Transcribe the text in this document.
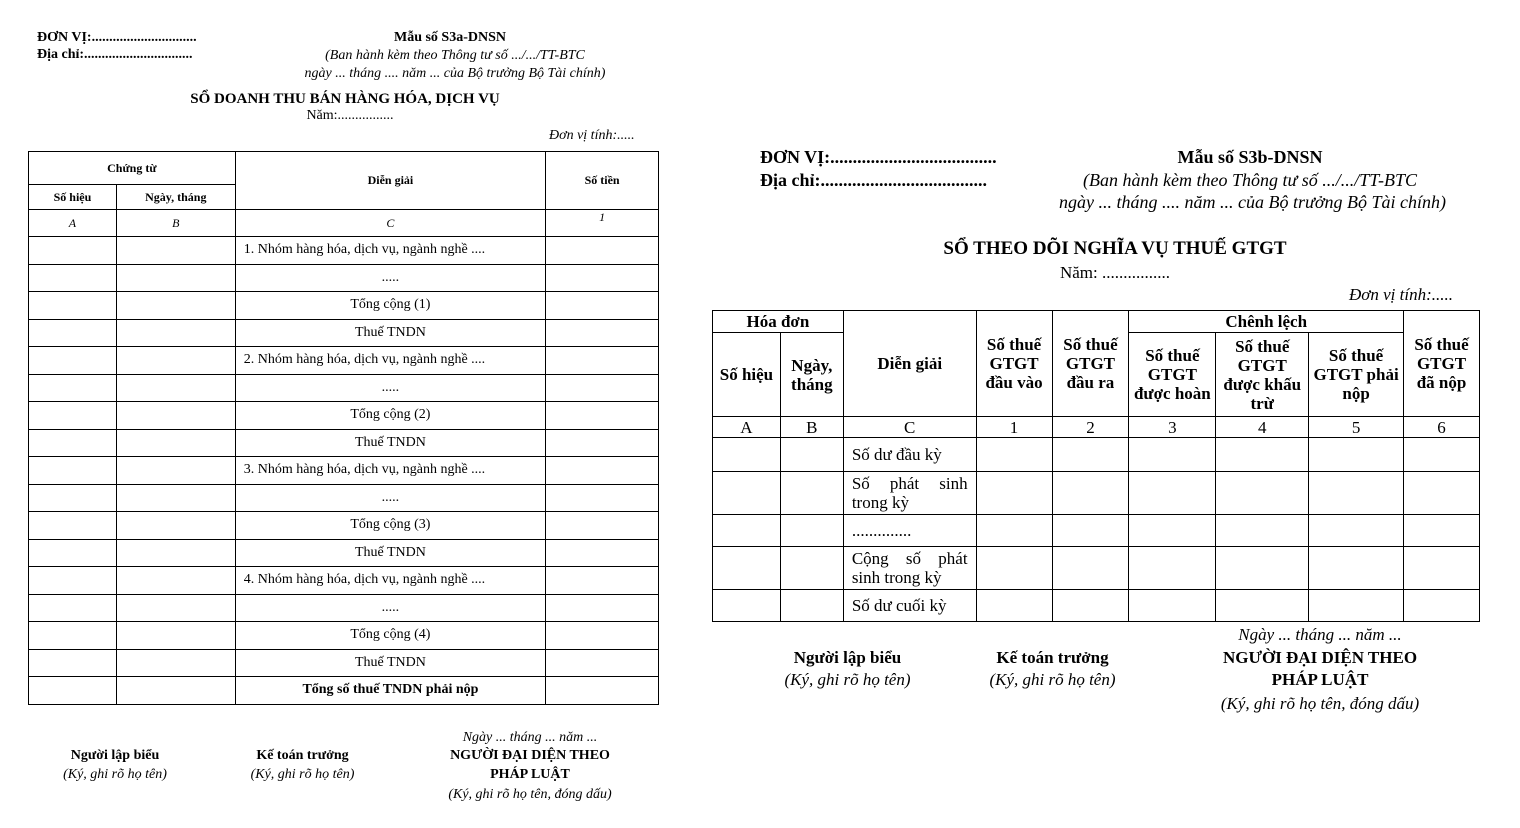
ĐƠN VỊ:..............................
Địa chỉ:...............................
Mẫu số S3a-DNSN
(Ban hành kèm theo Thông tư số .../.../TT-BTC
ngày ... tháng .... năm ... của Bộ trưởng Bộ Tài chính)
SỔ DOANH THU BÁN HÀNG HÓA, DỊCH VỤ
Năm:................
Đơn vị tính:.....
Chứng từ		Diễn giải	Số tiền
Số hiệu	Ngày, tháng		
A	B	C	1
		1. Nhóm hàng hóa, dịch vụ, ngành nghề ....	
		.....	
		Tổng cộng (1)	
		Thuế TNDN	
		2. Nhóm hàng hóa, dịch vụ, ngành nghề ....	
		.....	
		Tổng cộng (2)	
		Thuế TNDN	
		3. Nhóm hàng hóa, dịch vụ, ngành nghề ....	
		.....	
		Tổng cộng (3)	
		Thuế TNDN	
		4. Nhóm hàng hóa, dịch vụ, ngành nghề ....	
		.....	
		Tổng cộng (4)	
		Thuế TNDN	
		Tổng số thuế TNDN phải nộp	
Ngày ... tháng ... năm ...
Người lập biểu
(Ký, ghi rõ họ tên)
Kế toán trưởng
(Ký, ghi rõ họ tên)
NGƯỜI ĐẠI DIỆN THEO
PHÁP LUẬT
(Ký, ghi rõ họ tên, đóng dấu)
ĐƠN VỊ:.....................................
Địa chỉ:.....................................
Mẫu số S3b-DNSN
(Ban hành kèm theo Thông tư số .../.../TT-BTC
ngày ... tháng .... năm ... của Bộ trưởng Bộ Tài chính)
SỔ THEO DÕI NGHĨA VỤ THUẾ GTGT
Năm: ................
Đơn vị tính:.....
Hóa đơn		Diễn giải	Số thuế GTGT đầu vào	Số thuế GTGT đầu ra	Chênh lệch			Số thuế GTGT đã nộp
Số hiệu	Ngày, tháng				Số thuế GTGT được hoàn	Số thuế GTGT được khấu trừ	Số thuế GTGT phải nộp	
A	B	C	1	2	3	4	5	6
		Số dư đầu kỳ						
		Số phát sinh trong kỳ						
		..............						
		Cộng số phát sinh trong kỳ						
		Số dư cuối kỳ						
Ngày ... tháng ... năm ...
Người lập biểu
(Ký, ghi rõ họ tên)
Kế toán trưởng
(Ký, ghi rõ họ tên)
NGƯỜI ĐẠI DIỆN THEO
PHÁP LUẬT
(Ký, ghi rõ họ tên, đóng dấu)
